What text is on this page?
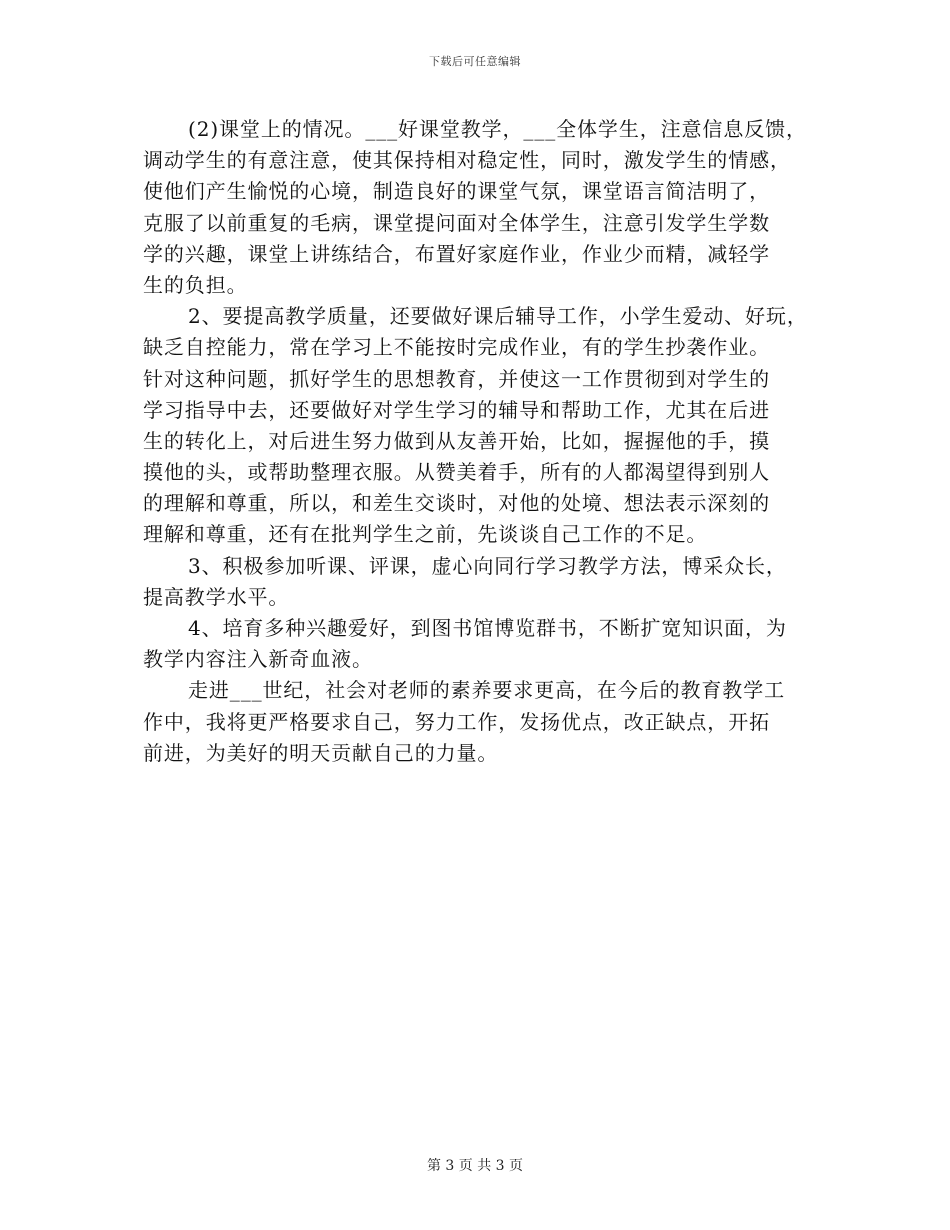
下载后可任意编辑
(2)课堂上的情况。___好课堂教学，___全体学生，注意信息反馈，
调动学生的有意注意，使其保持相对稳定性，同时，激发学生的情感，
使他们产生愉悦的心境，制造良好的课堂气氛，课堂语言简洁明了，
克服了以前重复的毛病，课堂提问面对全体学生，注意引发学生学数
学的兴趣，课堂上讲练结合，布置好家庭作业，作业少而精，减轻学
生的负担。
2、要提高教学质量，还要做好课后辅导工作，小学生爱动、好玩，
缺乏自控能力，常在学习上不能按时完成作业，有的学生抄袭作业。
针对这种问题，抓好学生的思想教育，并使这一工作贯彻到对学生的
学习指导中去，还要做好对学生学习的辅导和帮助工作，尤其在后进
生的转化上，对后进生努力做到从友善开始，比如，握握他的手，摸
摸他的头，或帮助整理衣服。从赞美着手，所有的人都渴望得到别人
的理解和尊重，所以，和差生交谈时，对他的处境、想法表示深刻的
理解和尊重，还有在批判学生之前，先谈谈自己工作的不足。
3、积极参加听课、评课，虚心向同行学习教学方法，博采众长，
提高教学水平。
4、培育多种兴趣爱好，到图书馆博览群书，不断扩宽知识面，为
教学内容注入新奇血液。
走进___世纪，社会对老师的素养要求更高，在今后的教育教学工
作中，我将更严格要求自己，努力工作，发扬优点，改正缺点，开拓
前进，为美好的明天贡献自己的力量。
第 3 页 共 3 页
